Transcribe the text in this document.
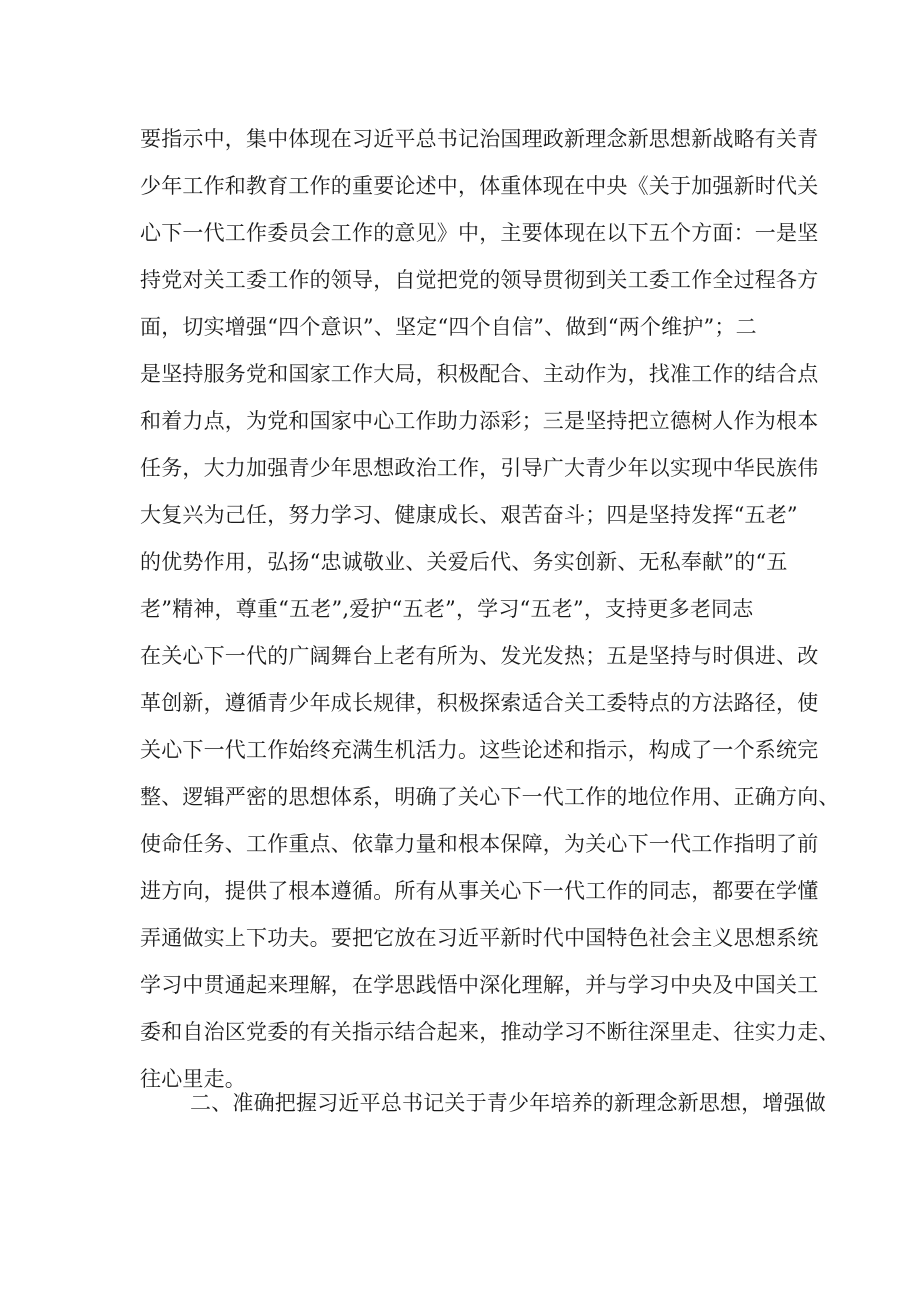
要指示中，集中体现在习近平总书记治国理政新理念新思想新战略有关青
少年工作和教育工作的重要论述中，体重体现在中央《关于加强新时代关
心下一代工作委员会工作的意见》中，主要体现在以下五个方面：一是坚
持党对关工委工作的领导，自觉把党的领导贯彻到关工委工作全过程各方
面，切实增强“四个意识”、坚定“四个自信”、做到“两个维护”；二
是坚持服务党和国家工作大局，积极配合、主动作为，找准工作的结合点
和着力点，为党和国家中心工作助力添彩；三是坚持把立德树人作为根本
任务，大力加强青少年思想政治工作，引导广大青少年以实现中华民族伟
大复兴为己任，努力学习、健康成长、艰苦奋斗；四是坚持发挥“五老”
的优势作用，弘扬“忠诚敬业、关爱后代、务实创新、无私奉献”的“五
老”精神，尊重“五老”,爱护“五老”，学习“五老”，支持更多老同志
在关心下一代的广阔舞台上老有所为、发光发热；五是坚持与时俱进、改
革创新，遵循青少年成长规律，积极探索适合关工委特点的方法路径，使
关心下一代工作始终充满生机活力。这些论述和指示，构成了一个系统完
整、逻辑严密的思想体系，明确了关心下一代工作的地位作用、正确方向、
使命任务、工作重点、依靠力量和根本保障，为关心下一代工作指明了前
进方向，提供了根本遵循。所有从事关心下一代工作的同志，都要在学懂
弄通做实上下功夫。要把它放在习近平新时代中国特色社会主义思想系统
学习中贯通起来理解，在学思践悟中深化理解，并与学习中央及中国关工
委和自治区党委的有关指示结合起来，推动学习不断往深里走、往实力走、
往心里走。
二、准确把握习近平总书记关于青少年培养的新理念新思想，增强做
